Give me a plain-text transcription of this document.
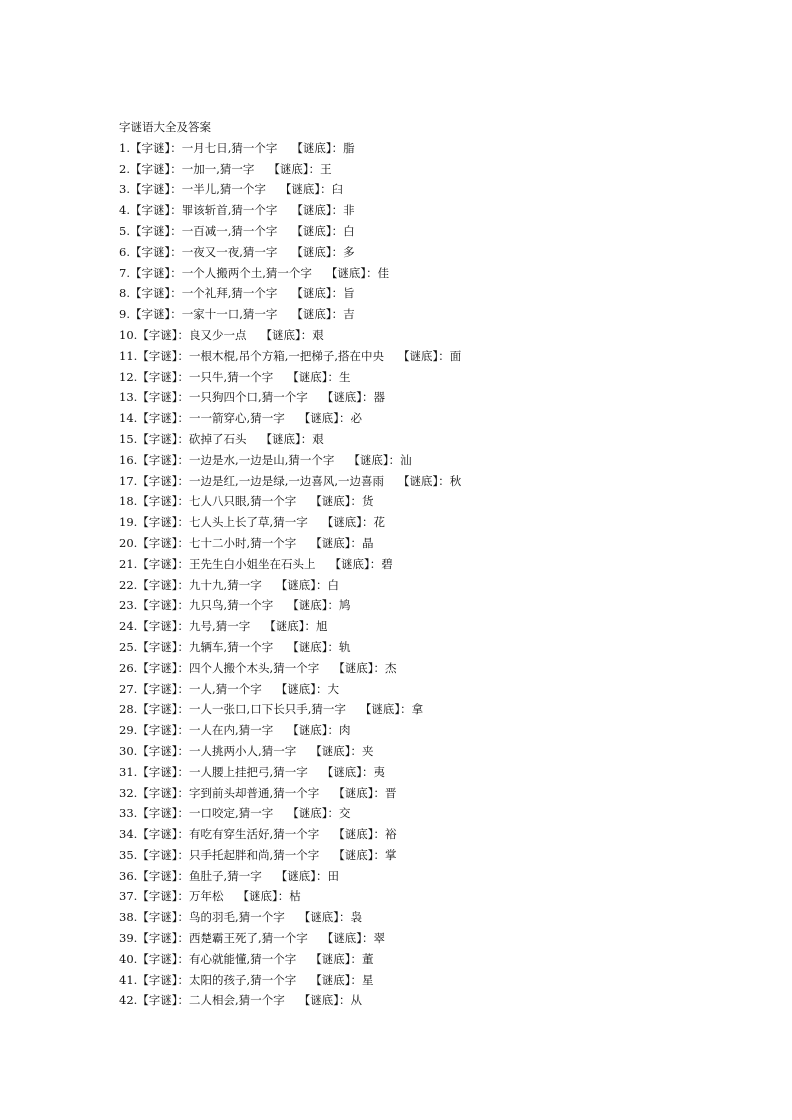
字谜语大全及答案
1.【字谜】：一月七日,猜一个字 【谜底】：脂
2.【字谜】：一加一,猜一字 【谜底】：王
3.【字谜】：一半儿,猜一个字 【谜底】：臼
4.【字谜】：罪该斩首,猜一个字 【谜底】：非
5.【字谜】：一百减一,猜一个字 【谜底】：白
6.【字谜】：一夜又一夜,猜一字 【谜底】：多
7.【字谜】：一个人搬两个土,猜一个字 【谜底】：佳
8.【字谜】：一个礼拜,猜一个字 【谜底】：旨
9.【字谜】：一家十一口,猜一字 【谜底】：吉
10.【字谜】：良又少一点 【谜底】：艰
11.【字谜】：一根木棍,吊个方箱,一把梯子,搭在中央 【谜底】：面
12.【字谜】：一只牛,猜一个字 【谜底】：生
13.【字谜】：一只狗四个口,猜一个字 【谜底】：器
14.【字谜】：一一箭穿心,猜一字 【谜底】：必
15.【字谜】：砍掉了石头 【谜底】：艰
16.【字谜】：一边是水,一边是山,猜一个字 【谜底】：汕
17.【字谜】：一边是红,一边是绿,一边喜风,一边喜雨 【谜底】：秋
18.【字谜】：七人八只眼,猜一个字 【谜底】：货
19.【字谜】：七人头上长了草,猜一字 【谜底】：花
20.【字谜】：七十二小时,猜一个字 【谜底】：晶
21.【字谜】：王先生白小姐坐在石头上 【谜底】：碧
22.【字谜】：九十九,猜一字 【谜底】：白
23.【字谜】：九只鸟,猜一个字 【谜底】：鸠
24.【字谜】：九号,猜一字 【谜底】：旭
25.【字谜】：九辆车,猜一个字 【谜底】：轨
26.【字谜】：四个人搬个木头,猜一个字 【谜底】：杰
27.【字谜】：一人,猜一个字 【谜底】：大
28.【字谜】：一人一张口,口下长只手,猜一字 【谜底】：拿
29.【字谜】：一人在内,猜一字 【谜底】：肉
30.【字谜】：一人挑两小人,猜一字 【谜底】：夹
31.【字谜】：一人腰上挂把弓,猜一字 【谜底】：夷
32.【字谜】：字到前头却普通,猜一个字 【谜底】：晋
33.【字谜】：一口咬定,猜一字 【谜底】：交
34.【字谜】：有吃有穿生活好,猜一个字 【谜底】：裕
35.【字谜】：只手托起胖和尚,猜一个字 【谜底】：掌
36.【字谜】：鱼肚子,猜一字 【谜底】：田
37.【字谜】：万年松 【谜底】：枯
38.【字谜】：鸟的羽毛,猜一个字 【谜底】：袅
39.【字谜】：西楚霸王死了,猜一个字 【谜底】：翠
40.【字谜】：有心就能懂,猜一个字 【谜底】：董
41.【字谜】：太阳的孩子,猜一个字 【谜底】：星
42.【字谜】：二人相会,猜一个字 【谜底】：从
